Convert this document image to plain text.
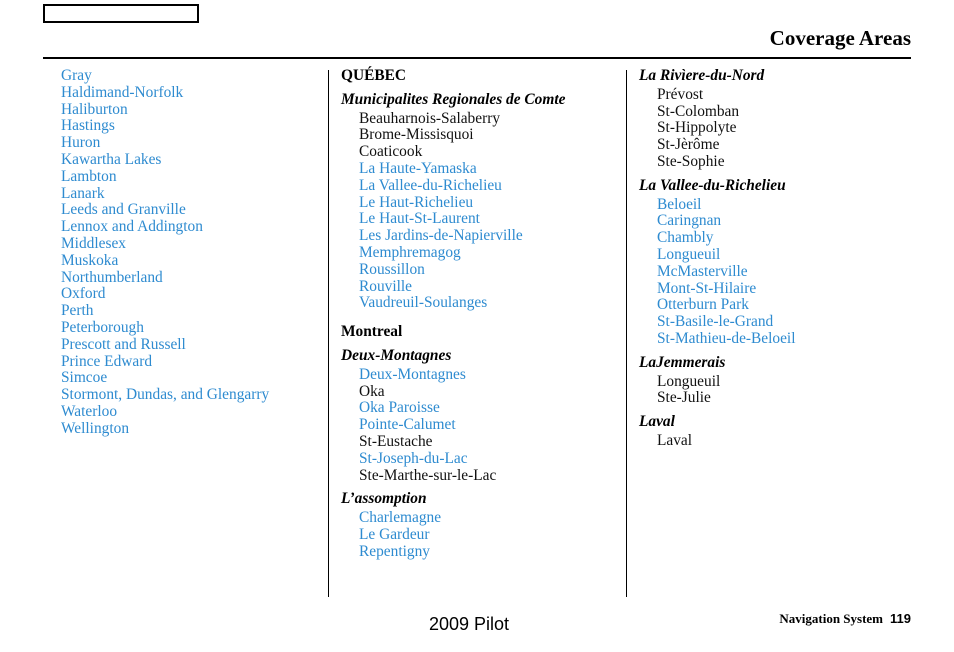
Coverage Areas
Gray
Haldimand-Norfolk
Haliburton
Hastings
Huron
Kawartha Lakes
Lambton
Lanark
Leeds and Granville
Lennox and Addington
Middlesex
Muskoka
Northumberland
Oxford
Perth
Peterborough
Prescott and Russell
Prince Edward
Simcoe
Stormont, Dundas, and Glengarry
Waterloo
Wellington
QUÉBEC
Municipalites Regionales de Comte
Beauharnois-Salaberry
Brome-Missisquoi
Coaticook
La Haute-Yamaska
La Vallee-du-Richelieu
Le Haut-Richelieu
Le Haut-St-Laurent
Les Jardins-de-Napierville
Memphremagog
Roussillon
Rouville
Vaudreuil-Soulanges
Montreal
Deux-Montagnes
Deux-Montagnes
Oka
Oka Paroisse
Pointe-Calumet
St-Eustache
St-Joseph-du-Lac
Ste-Marthe-sur-le-Lac
L’assomption
Charlemagne
Le Gardeur
Repentigny
La Rivìere-du-Nord
Prévost
St-Colomban
St-Hippolyte
St-Jèrôme
Ste-Sophie
La Vallee-du-Richelieu
Beloeil
Caringnan
Chambly
Longueuil
McMasterville
Mont-St-Hilaire
Otterburn Park
St-Basile-le-Grand
St-Mathieu-de-Beloeil
LaJemmerais
Longueuil
Ste-Julie
Laval
Laval
2009 Pilot	Navigation System 119
